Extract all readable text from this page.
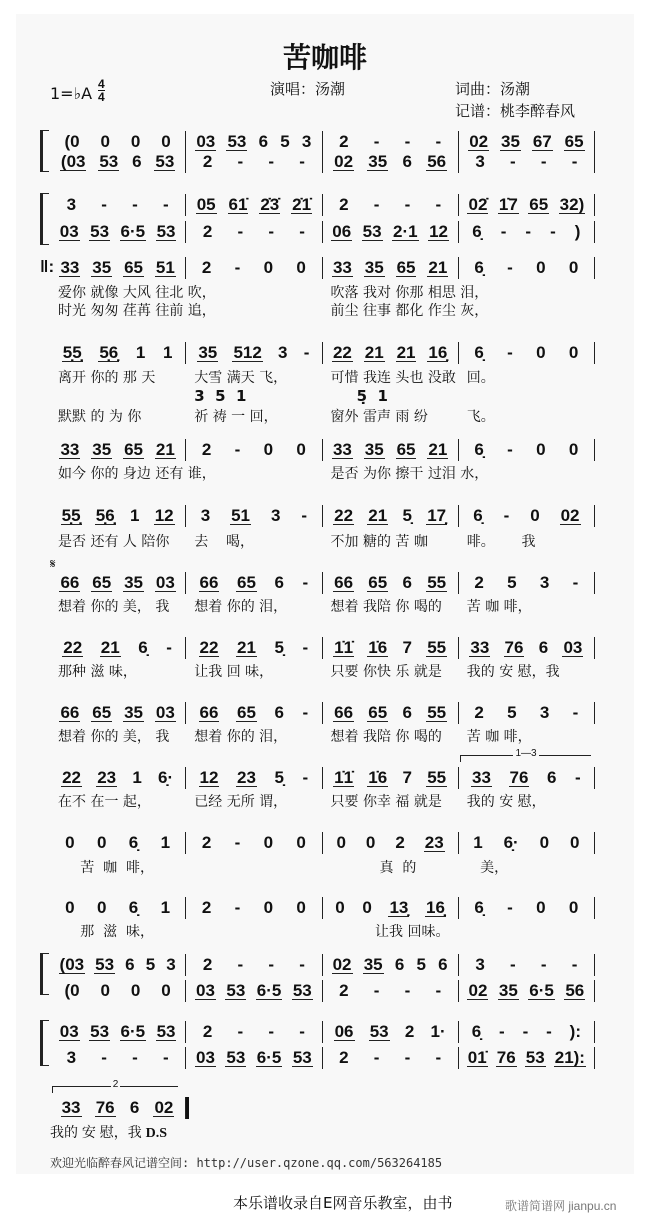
苦咖啡
1=♭A 4
4	演唱：汤潮	词曲：汤潮
记谱：桃李醉春风
(0 0 0 0 03 53 6 5 3 2 - - - 02 35 67 65
(03 53 6 53 2 - - - 02 35 6 56 3 - - -
3 - - - 05 61̇ 2̇3̇ 2̇1̇ 2 - - - 02̇ 1̇7 65 32)
03 53 6·5 53 2 - - - 06 53 2·1 12 6̣ - - - )
33 35 65 51 2 - 0 0 33 35 65 21 6̣ - 0 0
爱你 就像 大风 往北 吹，	吹落 我对 你那 相思 泪，
时光 匆匆 荏苒 往前 追，	前尘 往事 都化 作尘 灰，
5̣5̣ 5̣6̣ 1 1 35 512 3 - 22 21 21 16̣ 6̣ - 0 0
离开 你的 那 天	大雪 满天 飞，	可惜 我连 头也 没敢 回。
3  5  1	5̣  1
默默 的 为 你	祈 祷 一 回，	窗外 雷声 雨 纷	飞。
33 35 65 21 2 - 0 0 33 35 65 21 6̣ - 0 0
如今 你的 身边 还有 谁，	是否 为你 擦干 过泪 水，
5̣5̣ 5̣6̣ 1 12 3 51 3 - 22 21 5̣ 17̣ 6̣ - 0 02
是否 还有 人 陪你	去    喝，	不加 糖的 苦 咖	啡。      我
66 65 35 03 66 65 6 - 66 65 6 55 2 5 3 -
想着 你的 美， 我	想着 你的 泪，	想着 我陪 你 喝的	苦 咖 啡，
𝄋
22 21 6̣ - 22 21 5̣ - 1̇1̇ 1̇6 7 55 33 76 6 03
那种 滋 味，	让我 回 味，	只要 你快 乐 就是	我的 安 慰，我
66 65 35 03 66 65 6 - 66 65 6 55 2 5 3 -
想着 你的 美， 我	想着 你的 泪，	想着 我陪 你 喝的	苦 咖 啡，
22 23 1 6̣· 12 23 5̣ - 1̇1̇ 1̇6 7 55 33 76 6 -
在不 在一 起，	已经 无所 谓，	只要 你幸 福 就是	我的 安 慰，
1—3
0 0 6̣ 1 2 - 0 0 0 0 2 23 1 6̣· 0 0
苦  咖  啡，	真  的	美，
0 0 6̣ 1 2 - 0 0 0 0 13̣ 16̣ 6̣ - 0 0
那  滋  味，	让我 回味。
‖:
(03 53 6 5 3 2 - - - 02 35 6 5 6 3 - - -
(0 0 0 0 03 53 6·5 53 2 - - - 02 35 6·5 56
03 53 6·5 53 2 - - - 06 53 2 1· 6̣ - - - ):
3 - - - 03 53 6·5 53 2 - - - 01̇ 76 53 21):
2
33 76 6 02
我的 安 慰，我 D.S
欢迎光临醉春风记谱空间: http://user.qzone.qq.com/563264185
本乐谱收录自E网音乐教室，由书	歌谱简谱网 jianpu.cn
